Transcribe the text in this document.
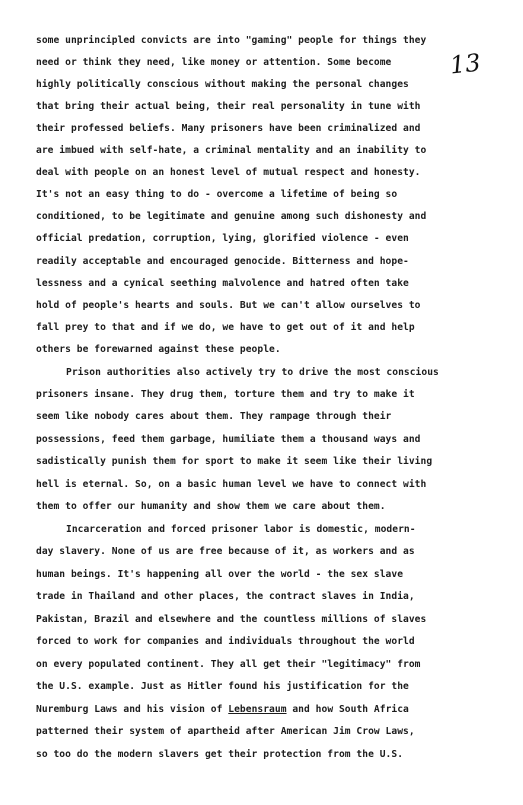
13
some unprincipled convicts are into "gaming" people for things they
need or think they need, like money or attention. Some become
highly politically conscious without making the personal changes
that bring their actual being, their real personality in tune with
their professed beliefs. Many prisoners have been criminalized and
are imbued with self-hate, a criminal mentality and an inability to
deal with people on an honest level of mutual respect and honesty.
It's not an easy thing to do - overcome a lifetime of being so
conditioned, to be legitimate and genuine among such dishonesty and
official predation, corruption, lying, glorified violence - even
readily acceptable and encouraged genocide. Bitterness and hope-
lessness and a cynical seething malvolence and hatred often take
hold of people's hearts and souls. But we can't allow ourselves to
fall prey to that and if we do, we have to get out of it and help
others be forewarned against these people.
Prison authorities also actively try to drive the most conscious
prisoners insane. They drug them, torture them and try to make it
seem like nobody cares about them. They rampage through their
possessions, feed them garbage, humiliate them a thousand ways and
sadistically punish them for sport to make it seem like their living
hell is eternal. So, on a basic human level we have to connect with
them to offer our humanity and show them we care about them.
Incarceration and forced prisoner labor is domestic, modern-
day slavery. None of us are free because of it, as workers and as
human beings. It's happening all over the world - the sex slave
trade in Thailand and other places, the contract slaves in India,
Pakistan, Brazil and elsewhere and the countless millions of slaves
forced to work for companies and individuals throughout the world
on every populated continent. They all get their "legitimacy" from
the U.S. example. Just as Hitler found his justification for the
Nuremburg Laws and his vision of Lebensraum and how South Africa
patterned their system of apartheid after American Jim Crow Laws,
so too do the modern slavers get their protection from the U.S.
